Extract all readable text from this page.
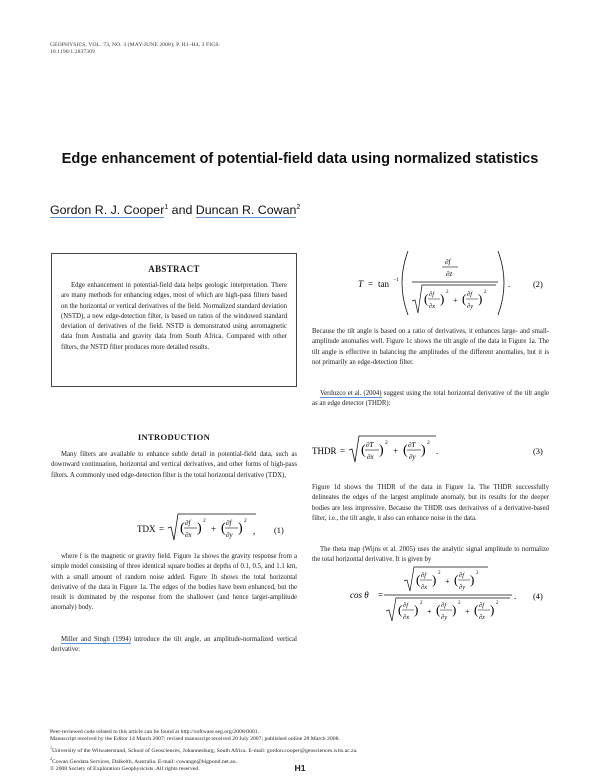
GEOPHYSICS, VOL. 73, NO. 3 (MAY-JUNE 2008); P. H1–H4, 3 FIGS.
10.1190/1.2837309
Edge enhancement of potential-field data using normalized statistics
Gordon R. J. Cooper$^1$ and Duncan R. Cowan$^2$
ABSTRACT
Edge enhancement in potential-field data helps geologic interpretation. There are many methods for enhancing edges, most of which are high-pass filters based on the horizontal or vertical derivatives of the field. Normalized standard deviation (NSTD), a new edge-detection filter, is based on ratios of the windowed standard deviation of derivatives of the field. NSTD is demonstrated using aeromagnetic data from Australia and gravity data from South Africa. Compared with other filters, the NSTD filter produces more detailed results.
INTRODUCTION
Many filters are available to enhance subtle detail in potential-field data, such as downward continuation, horizontal and vertical derivatives, and other forms of high-pass filters. A commonly used edge-detection filter is the total horizontal derivative (TDX),
TDX = ( ∂f
∂x ) 2
+ ( ∂f
∂y ) 2
, (1)
where f is the magnetic or gravity field. Figure 1a shows the gravity response from a simple model consisting of three identical square bodies at depths of 0.1, 0.5, and 1.1 km, with a small amount of random noise added. Figure 1b shows the total horizontal derivative of the data in Figure 1a. The edges of the bodies have been enhanced, but the result is dominated by the response from the shallower (and hence larger-amplitude anomaly) body.
Miller and Singh (1994) introduce the tilt angle, an amplitude-normalized vertical derivative:
T = tan −1
∂f
∂z
( ∂f
∂x
) 2
+ ( ∂f
∂y
) 2
.	(2)
Because the tilt angle is based on a ratio of derivatives, it enhances large- and small-amplitude anomalies well. Figure 1c shows the tilt angle of the data in Figure 1a. The tilt angle is effective in balancing the amplitudes of the different anomalies, but it is not primarily an edge-detection filter.
Verduzco et al. (2004) suggest using the total horizontal derivative of the tilt angle as an edge detector (THDR):
THDR = ( ∂T
∂x ) 2
+ ( ∂T
∂y ) 2
.	(3)
Figure 1d shows the THDR of the data in Figure 1a. The THDR successfully delineates the edges of the largest amplitude anomaly, but its results for the deeper bodies are less impressive. Because the THDR uses derivatives of a derivative-based filter, i.e., the tilt angle, it also can enhance noise in the data.
The theta map (Wijns et al. 2005) uses the analytic signal amplitude to normalize the total horizontal derivative. It is given by
cos θ =
( ∂f
∂x
) 2
+ ( ∂f
∂y
) 2
( ∂f
∂x
) 2
+ ( ∂f
∂y
) 2
+ ( ∂f
∂z
) 2
. (4)
Peer-reviewed code related to this article can be found at http://software.seg.org/2008/0001.
Manuscript received by the Editor 14 March 2007; revised manuscript received 20 July 2007; published online 28 March 2008.
$^1$University of the Witwatersrand, School of Geosciences, Johannesburg, South Africa. E-mail: gordon.cooper@geosciences.wits.ac.za.
$^2$Cowan Geodata Services, Dalkeith, Australia. E-mail: cowange@bigpond.net.au.
© 2008 Society of Exploration Geophysicists. All rights reserved.	H1
